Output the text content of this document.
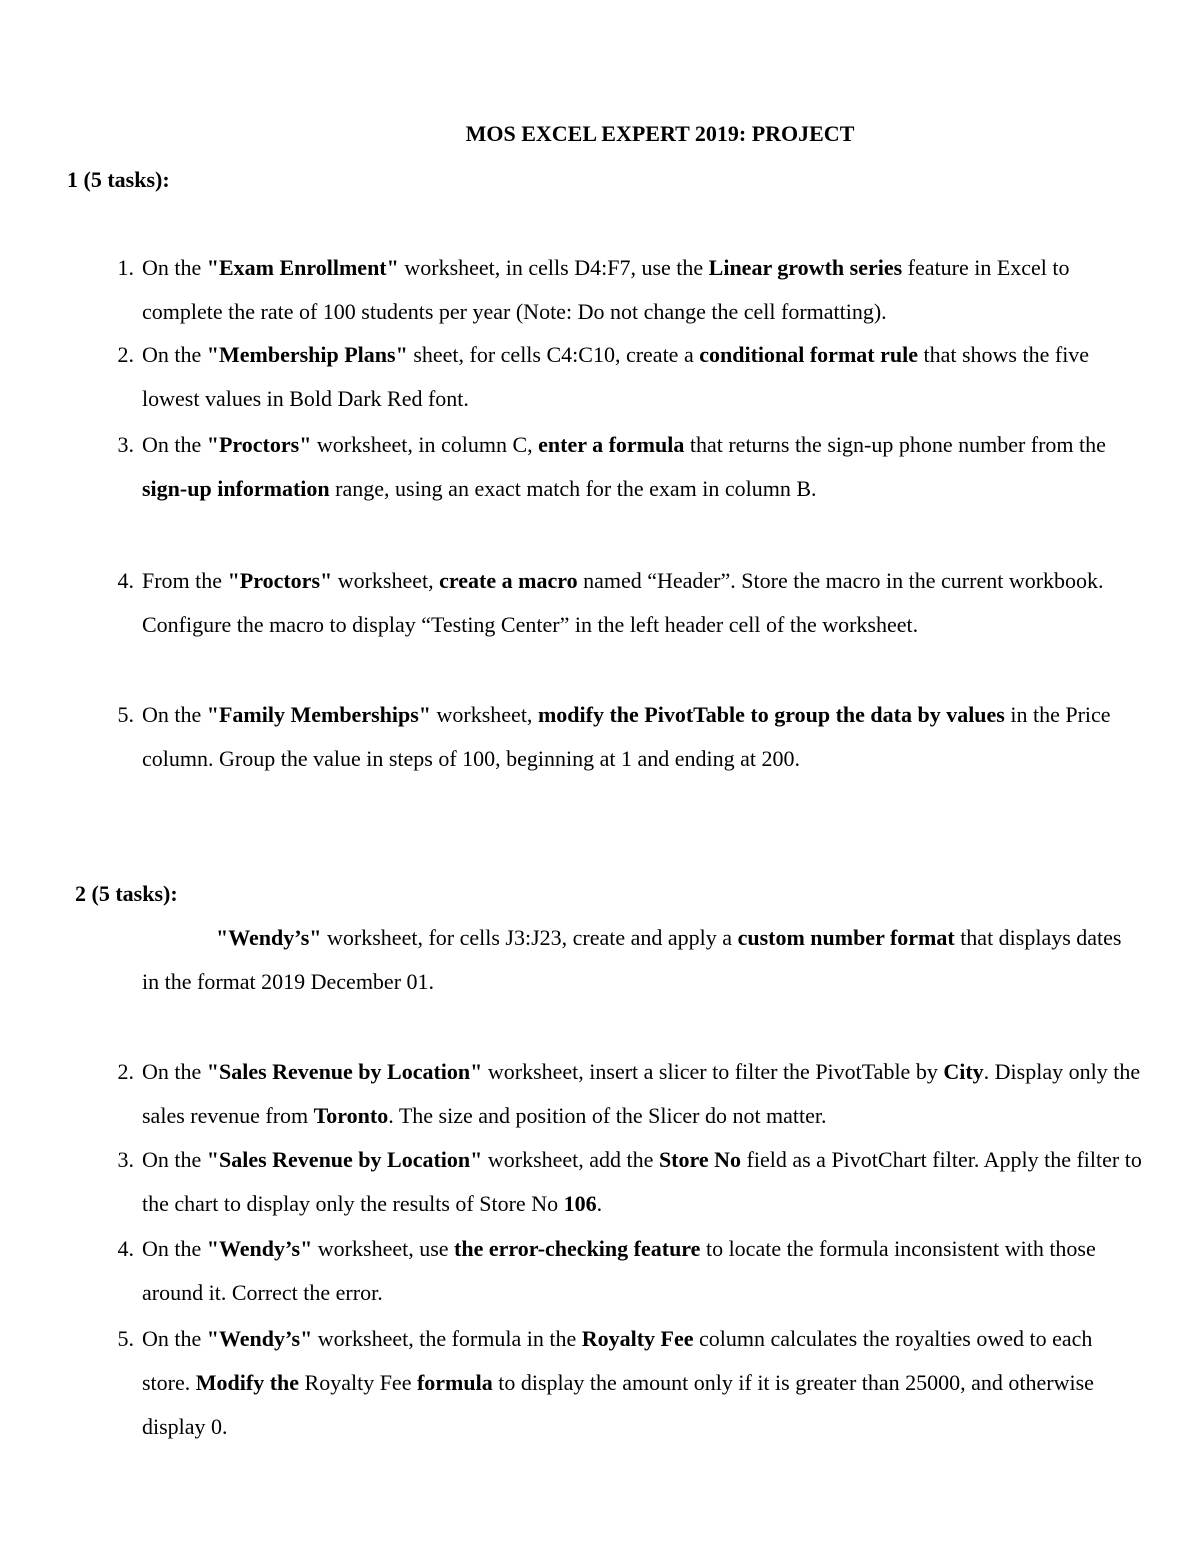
MOS EXCEL EXPERT 2019: PROJECT
1 (5 tasks):
1. On the "Exam Enrollment" worksheet, in cells D4:F7, use the Linear growth series feature in Excel to complete the rate of 100 students per year (Note: Do not change the cell formatting).
2. On the "Membership Plans" sheet, for cells C4:C10, create a conditional format rule that shows the five lowest values in Bold Dark Red font.
3. On the "Proctors" worksheet, in column C, enter a formula that returns the sign-up phone number from the sign-up information range, using an exact match for the exam in column B.
4. From the "Proctors" worksheet, create a macro named “Header”. Store the macro in the current workbook. Configure the macro to display “Testing Center” in the left header cell of the worksheet.
5. On the "Family Memberships" worksheet, modify the PivotTable to group the data by values in the Price column. Group the value in steps of 100, beginning at 1 and ending at 200.
2 (5 tasks):
"Wendy’s" worksheet, for cells J3:J23, create and apply a custom number format that displays dates in the format 2019 December 01.
2. On the "Sales Revenue by Location" worksheet, insert a slicer to filter the PivotTable by City. Display only the sales revenue from Toronto. The size and position of the Slicer do not matter.
3. On the "Sales Revenue by Location" worksheet, add the Store No field as a PivotChart filter. Apply the filter to the chart to display only the results of Store No 106.
4. On the "Wendy’s" worksheet, use the error-checking feature to locate the formula inconsistent with those around it. Correct the error.
5. On the "Wendy’s" worksheet, the formula in the Royalty Fee column calculates the royalties owed to each store. Modify the Royalty Fee formula to display the amount only if it is greater than 25000, and otherwise display 0.
